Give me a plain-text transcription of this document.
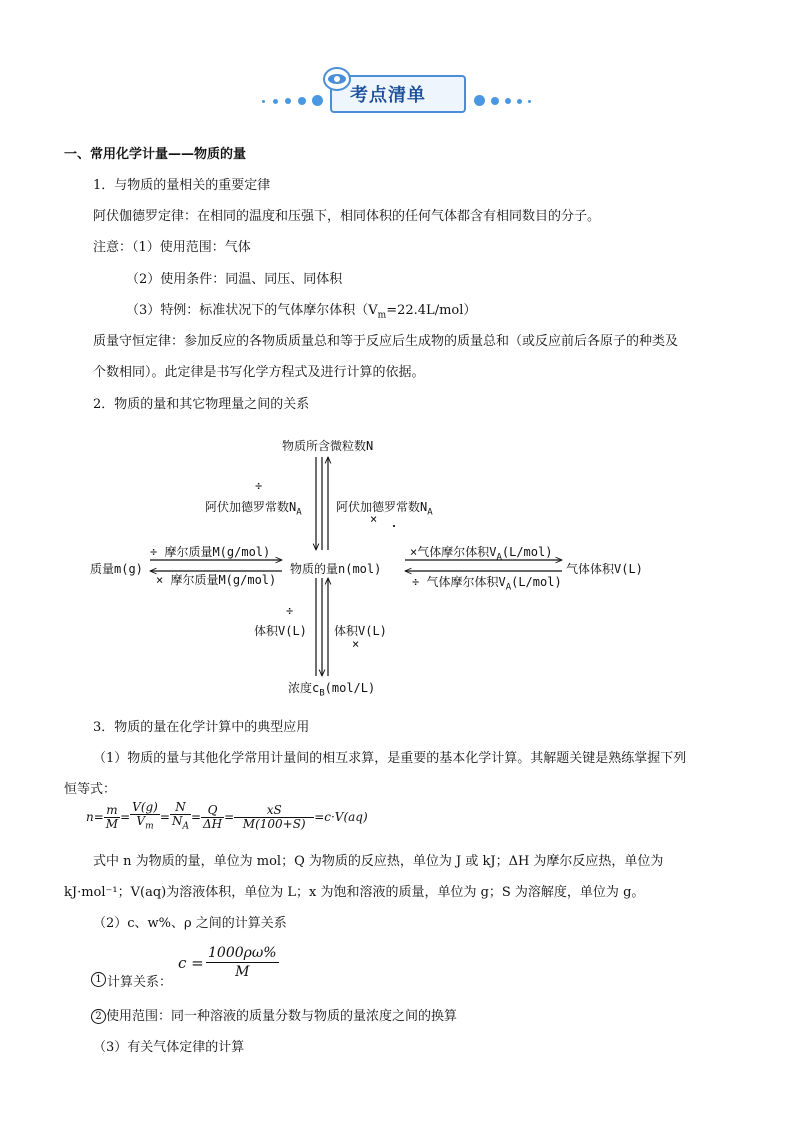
考点清单
一、常用化学计量——物质的量
1．与物质的量相关的重要定律
阿伏伽德罗定律：在相同的温度和压强下，相同体积的任何气体都含有相同数目的分子。
注意：（1）使用范围：气体
（2）使用条件：同温、同压、同体积
（3）特例：标准状况下的气体摩尔体积$(V_m=22.4L/mol)$
质量守恒定律：参加反应的各物质质量总和等于反应后生成物的质量总和（或反应前后各原子的种类及
个数相同）。此定律是书写化学方程式及进行计算的依据。
2．物质的量和其它物理量之间的关系
物质所含微粒数N
÷
阿伏加德罗常数$N_A$	阿伏加德罗常数$N_A$
×
质量m(g)
÷ 摩尔质量M(g/mol)
× 摩尔质量M(g/mol)
物质的量n(mol)
×气体摩尔体积$V_A(L/mol)$
÷ 气体摩尔体积$V_A(L/mol)$
气体体积V(L)
÷
体积V(L) 体积V(L)
×
浓度$c_B(mol/L)$
3．物质的量在化学计算中的典型应用
（1）物质的量与其他化学常用计量间的相互求算，是重要的基本化学计算。其解题关键是熟练掌握下列
恒等式：
$n= \frac{m}{M} = \frac{V(g)}{V_m} = \frac{N}{N_A} = \frac{Q}{\Delta H} = \frac{xS}{M(100+S)} =c\cdot V(aq)$
式中 n 为物质的量，单位为 mol；Q 为物质的反应热，单位为 J 或 kJ；ΔH 为摩尔反应热，单位为
kJ·mol⁻¹；V(aq)为溶液体积，单位为 L；x 为饱和溶液的质量，单位为 g；S 为溶解度，单位为 g。
（2）c、w%、ρ 之间的计算关系
1 计算关系：
$c = \frac{1000\rho\omega\%}{M}$
2 使用范围：同一种溶液的质量分数与物质的量浓度之间的换算
（3）有关气体定律的计算
